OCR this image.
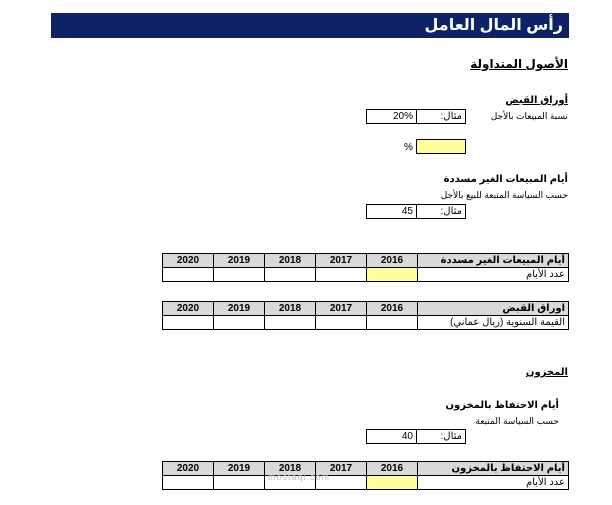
رأس المال العامل
الأصول المتداولة
أوراق القبض
نسبة المبيعات بالأجل
مثال:
20%
%
أيام المبيعات الغير مسددة
حسب السياسة المتبعة للبيع بالأجل
مثال:
45
2020	2019	2018	2017	2016	أيام المبيعات الغير مسددة
					عدد الأيام
2020	2019	2018	2017	2016	اوراق القبض
					القيمة السنوية (ريال عماني)
المخزون
أيام الاحتفاظ بالمخزون
حسب السياسة المتبعة
مثال:
40
2020	2019	2018	2017	2016	أيام الاحتفاظ بالمخزون
					عدد الأيام
mostaql.com
